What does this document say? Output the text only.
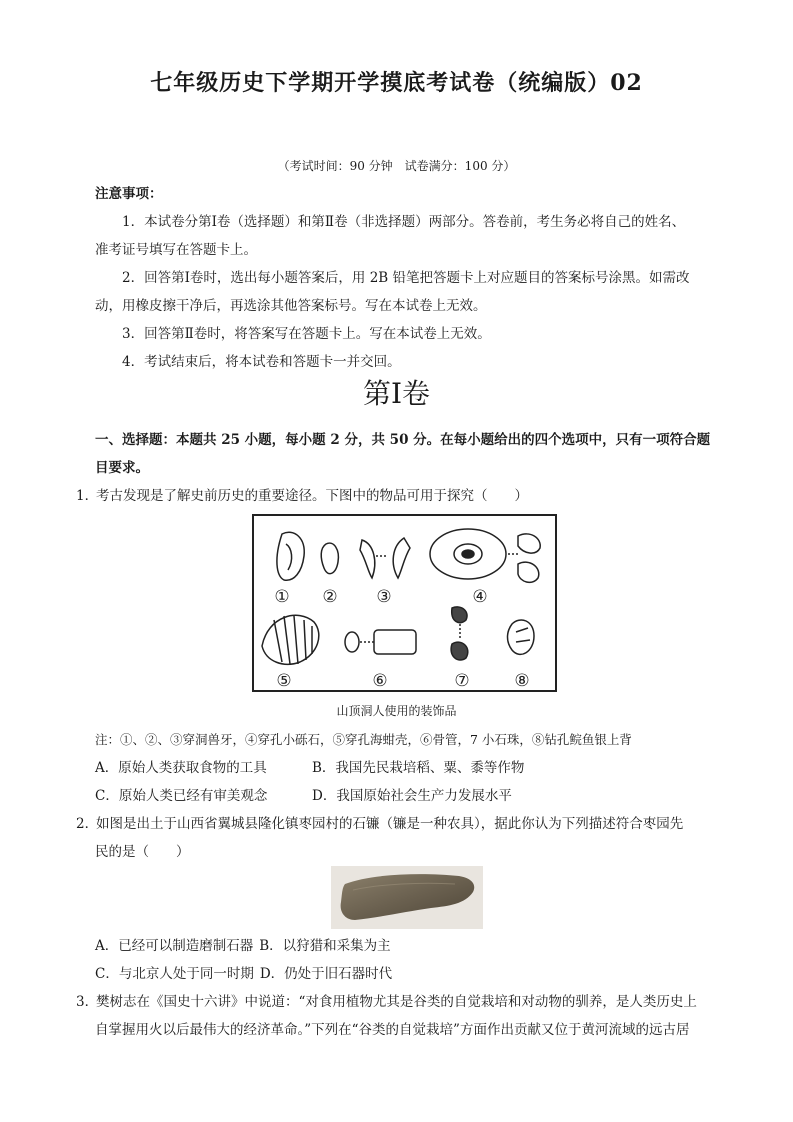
七年级历史下学期开学摸底考试卷（统编版）02
（考试时间：90 分钟　试卷满分：100 分）
注意事项：
1．本试卷分第Ⅰ卷（选择题）和第Ⅱ卷（非选择题）两部分。答卷前，考生务必将自己的姓名、
准考证号填写在答题卡上。
2．回答第Ⅰ卷时，选出每小题答案后，用 2B 铅笔把答题卡上对应题目的答案标号涂黑。如需改
动，用橡皮擦干净后，再选涂其他答案标号。写在本试卷上无效。
3．回答第Ⅱ卷时，将答案写在答题卡上。写在本试卷上无效。
4．考试结束后，将本试卷和答题卡一并交回。
第Ⅰ卷
一、选择题：本题共 25 小题，每小题 2 分，共 50 分。在每小题给出的四个选项中，只有一项符合题
目要求。
1．考古发现是了解史前历史的重要途径。下图中的物品可用于探究（　　）
① ② ③	④
⑤	⑥	⑦	⑧
山顶洞人使用的装饰品
注：①、②、③穿洞兽牙，④穿孔小砾石，⑤穿孔海蚶壳，⑥骨管，7 小石珠，⑧钻孔鲩鱼银上背
A．原始人类获取食物的工具	B．我国先民栽培稻、粟、黍等作物
C．原始人类已经有审美观念	D．我国原始社会生产力发展水平
2．如图是出土于山西省翼城县隆化镇枣园村的石镰（镰是一种农具），据此你认为下列描述符合枣园先
民的是（　　）
A．已经可以制造磨制石器 B．以狩猎和采集为主
C．与北京人处于同一时期 D．仍处于旧石器时代
3．樊树志在《国史十六讲》中说道：“对食用植物尤其是谷类的自觉栽培和对动物的驯养，是人类历史上
自掌握用火以后最伟大的经济革命。”下列在“谷类的自觉栽培”方面作出贡献又位于黄河流域的远古居
